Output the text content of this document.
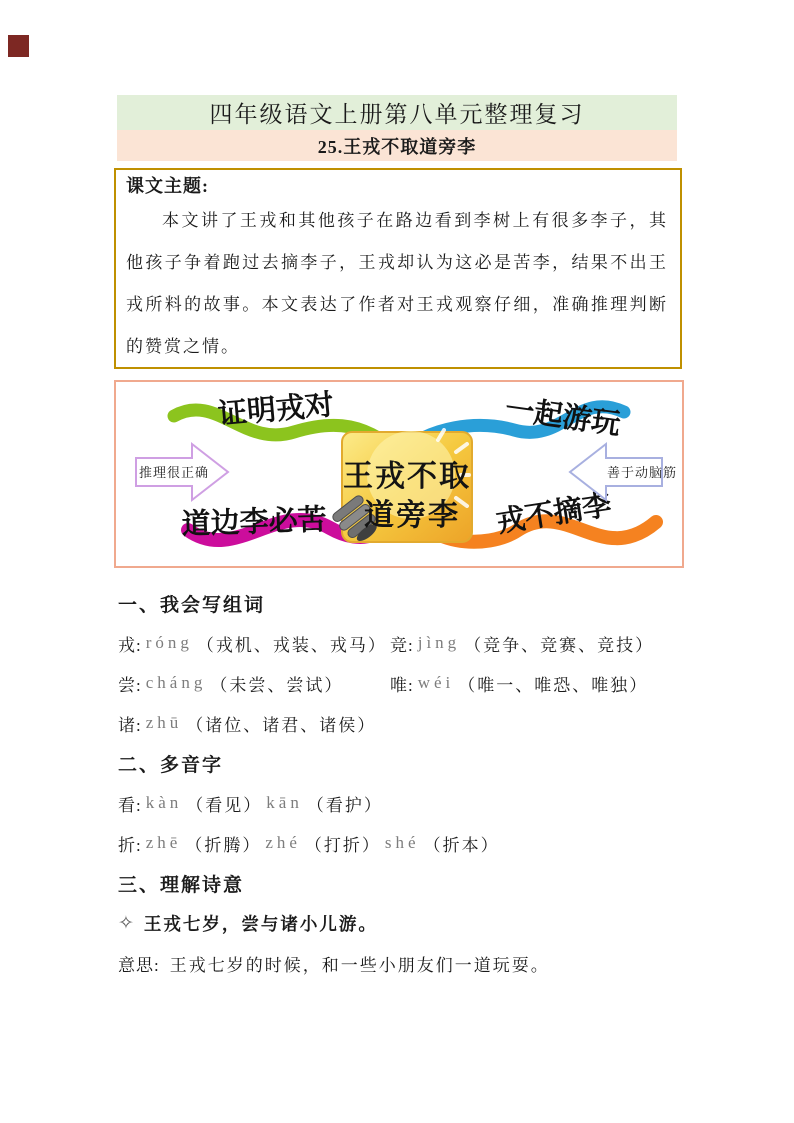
四年级语文上册第八单元整理复习
25.王戎不取道旁李
课文主题:

本文讲了王戎和其他孩子在路边看到李树上有很多李子，其他孩子争着跑过去摘李子，王戎却认为这必是苦李，结果不出王戎所料的故事。本文表达了作者对王戎观察仔细，准确推理判断的赞赏之情。

王戎不取
道旁李
证明戎对	一起游玩
道边李必苦	戎不摘李
推理很正确	善于动脑筋
一、我会写组词
戎: róng （戎机、戎装、戎马） 竞: jìng （竞争、竞赛、竞技）
尝: cháng （未尝、尝试）	唯: wéi （唯一、唯恐、唯独）
诸: zhū （诸位、诸君、诸侯）
二、多音字
看: kàn （看见） kān （看护）
折: zhē （折腾） zhé （打折） shé （折本）
三、理解诗意
✧ 王戎七岁，尝与诸小儿游。
意思: 王戎七岁的时候，和一些小朋友们一道玩耍。
